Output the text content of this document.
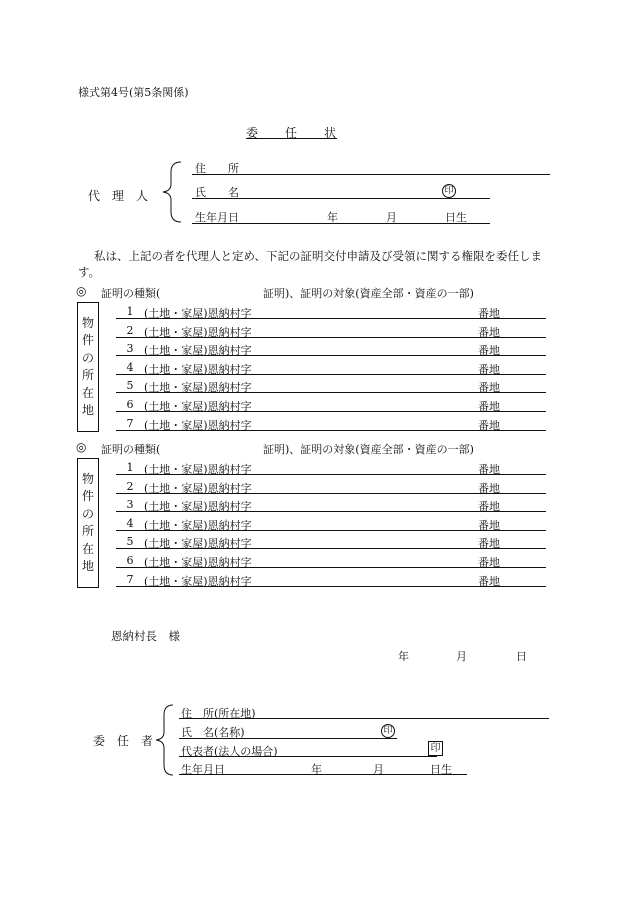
様式第4号(第5条関係)
委　　任　　状
代　理　人
住　　所
氏　　名	印
生年月日	年	月	日生
私は、上記の者を代理人と定め、下記の証明交付申請及び受領に関する権限を委任しま
す。
◎ 証明の種類(	証明)、証明の対象(資産全部・資産の一部)
物
件
の
所
在
地
1 (土地・家屋)恩納村字	番地
2 (土地・家屋)恩納村字	番地
3 (土地・家屋)恩納村字	番地
4 (土地・家屋)恩納村字	番地
5 (土地・家屋)恩納村字	番地
6 (土地・家屋)恩納村字	番地
7 (土地・家屋)恩納村字	番地
◎ 証明の種類(	証明)、証明の対象(資産全部・資産の一部)
物
件
の
所
在
地
1 (土地・家屋)恩納村字	番地
2 (土地・家屋)恩納村字	番地
3 (土地・家屋)恩納村字	番地
4 (土地・家屋)恩納村字	番地
5 (土地・家屋)恩納村字	番地
6 (土地・家屋)恩納村字	番地
7 (土地・家屋)恩納村字	番地
恩納村長　様
年	月	日
委　任　者
住　所(所在地)
氏　名(名称)	印
代表者(法人の場合)	印
生年月日	年	月	日生
